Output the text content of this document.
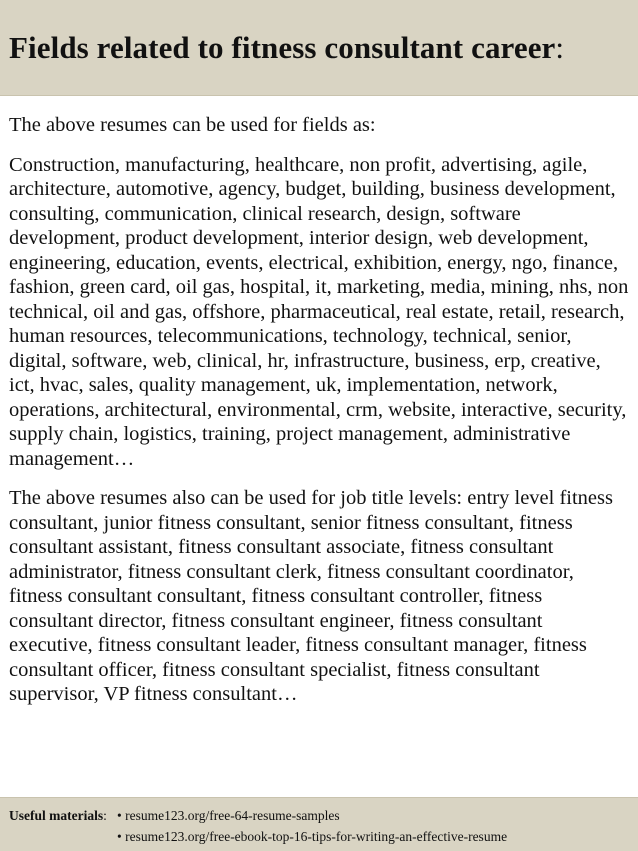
Fields related to fitness consultant career:

The above resumes can be used for fields as:

Construction, manufacturing, healthcare, non profit, advertising, agile, architecture, automotive, agency, budget, building, business development, consulting, communication, clinical research, design, software development, product development, interior design, web development, engineering, education, events, electrical, exhibition, energy, ngo, finance, fashion, green card, oil gas, hospital, it, marketing, media, mining, nhs, non technical, oil and gas, offshore, pharmaceutical, real estate, retail, research, human resources, telecommunications, technology, technical, senior, digital, software, web, clinical, hr, infrastructure, business, erp, creative, ict, hvac, sales, quality management, uk, implementation, network, operations, architectural, environmental, crm, website, interactive, security, supply chain, logistics, training, project management, administrative management…

The above resumes also can be used for job title levels: entry level fitness consultant, junior fitness consultant, senior fitness consultant, fitness consultant assistant, fitness consultant associate, fitness consultant administrator, fitness consultant clerk, fitness consultant coordinator, fitness consultant consultant, fitness consultant controller, fitness consultant director, fitness consultant engineer, fitness consultant executive, fitness consultant leader, fitness consultant manager, fitness consultant officer, fitness consultant specialist, fitness consultant supervisor, VP fitness consultant…

Useful materials: • resume123.org/free-64-resume-samples
• resume123.org/free-ebook-top-16-tips-for-writing-an-effective-resume
